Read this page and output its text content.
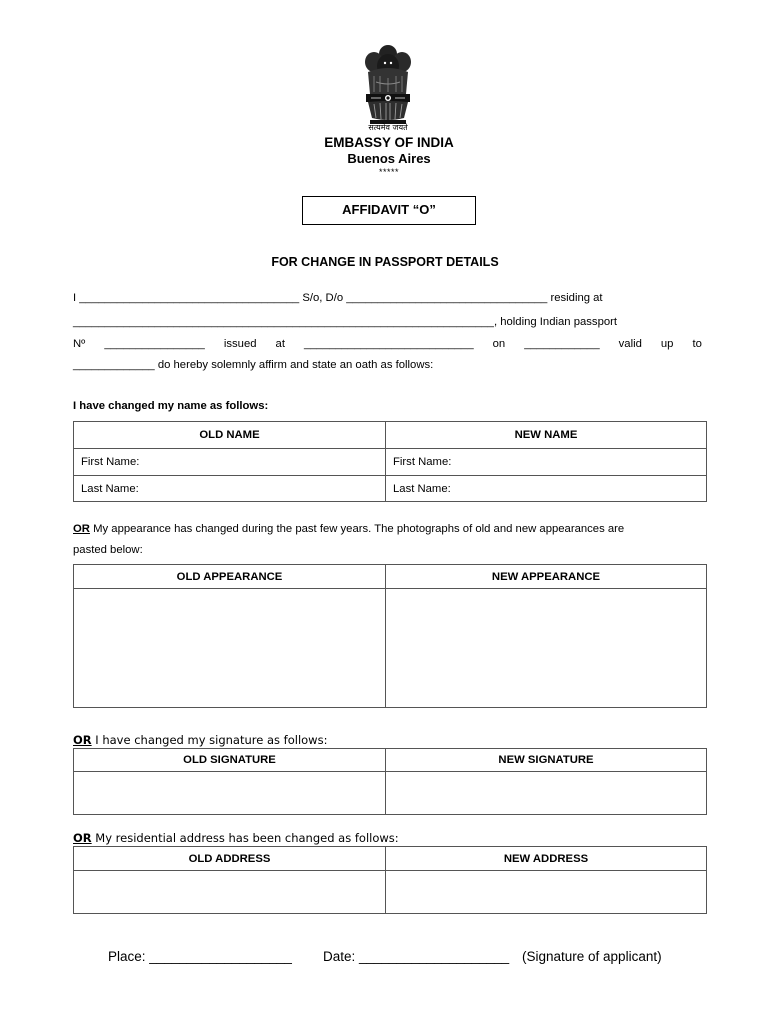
सत्यमेव जयते
EMBASSY OF INDIA
Buenos Aires
*****
AFFIDAVIT “O”
FOR CHANGE IN PASSPORT DETAILS
I ___________________________________ S/o, D/o ________________________________ residing at
___________________________________________________________________, holding Indian passport
Nº ________________ issued at ___________________________ on ____________ valid up to
_____________ do hereby solemnly affirm and state an oath as follows:
I have changed my name as follows:
OLD NAME	NEW NAME
First Name:	First Name:
Last Name:	Last Name:
OR My appearance has changed during the past few years. The photographs of old and new appearances are
pasted below:
OLD APPEARANCE	NEW APPEARANCE

OR I have changed my signature as follows:
OLD SIGNATURE	NEW SIGNATURE

OR My residential address has been changed as follows:
OLD ADDRESS	NEW ADDRESS

Place: ___________________ Date: ____________________ (Signature of applicant)
